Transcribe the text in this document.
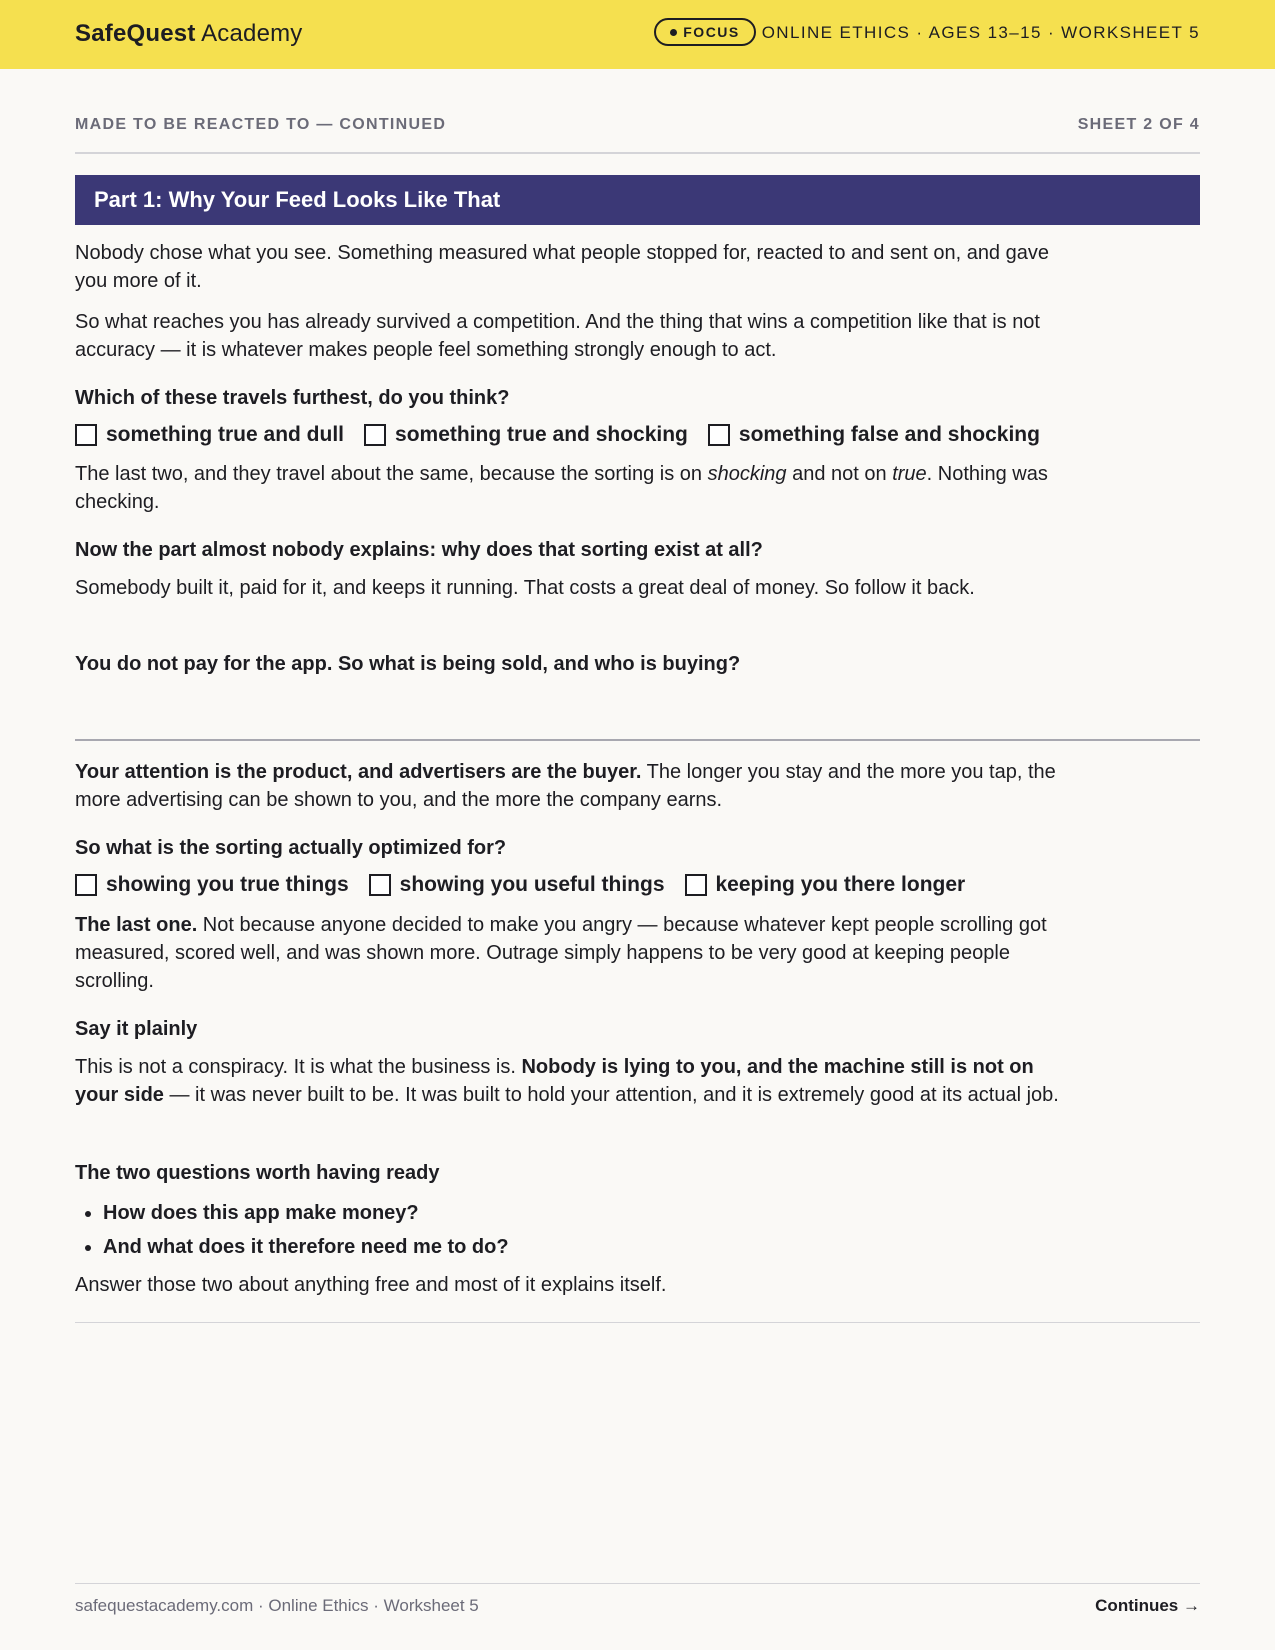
SafeQuest Academy	FOCUS ONLINE ETHICS · AGES 13–15 · WORKSHEET 5
MADE TO BE REACTED TO — CONTINUED	SHEET 2 OF 4
Part 1: Why Your Feed Looks Like That

Nobody chose what you see. Something measured what people stopped for, reacted to and sent on, and gave you more of it.

So what reaches you has already survived a competition. And the thing that wins a competition like that is not accuracy — it is whatever makes people feel something strongly enough to act.

Which of these travels furthest, do you think?

something true and dull something true and shocking something false and shocking

The last two, and they travel about the same, because the sorting is on shocking and not on true. Nothing was checking.

Now the part almost nobody explains: why does that sorting exist at all?

Somebody built it, paid for it, and keeps it running. That costs a great deal of money. So follow it back.

You do not pay for the app. So what is being sold, and who is buying?

Your attention is the product, and advertisers are the buyer. The longer you stay and the more you tap, the more advertising can be shown to you, and the more the company earns.

So what is the sorting actually optimized for?

showing you true things showing you useful things keeping you there longer

The last one. Not because anyone decided to make you angry — because whatever kept people scrolling got measured, scored well, and was shown more. Outrage simply happens to be very good at keeping people scrolling.

Say it plainly

This is not a conspiracy. It is what the business is. Nobody is lying to you, and the machine still is not on your side — it was never built to be. It was built to hold your attention, and it is extremely good at its actual job.

The two questions worth having ready

• How does this app make money?
• And what does it therefore need me to do?

Answer those two about anything free and most of it explains itself.

safequestacademy.com · Online Ethics · Worksheet 5	Continues →
